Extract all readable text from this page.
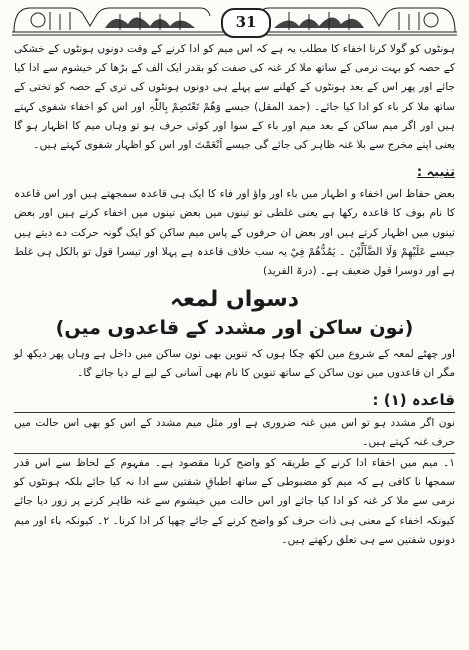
31

ہونٹوں کو گولا کرنا اخفاء کا مطلب یہ ہے کہ اس میم کو ادا کرنے کے وقت دونوں ہونٹوں کے خشکی کے حصہ کو بہت نرمی کے ساتھ ملا کر غنہ کی صفت کو بقدر ایک الف کے بڑھا کر خیشوم سے ادا کیا جائے اور پھر اس کے بعد ہونٹوں کے کھلنے سے پہلے ہی دونوں ہونٹوں کی تری کے حصہ کو تختی کے ساتھ ملا کر باء کو ادا کیا جائے۔ (جمد المقل) جیسے وَهُمْ تَعْتَصِمْ بِاللّٰہِ اور اس کو اخفاء شفوی کہتے ہیں اور اگر میم ساکن کے بعد میم اور باء کے سوا اور کوئی حرف ہو تو وہاں میم کا اظہار ہو گا یعنی اپنے مخرج سے بلا غنہ ظاہر کی جائے گی جیسے اَنْعَمْتَ اور اس کو اظہار شفوی کہتے ہیں۔

تنبیہ :

بعض حفاظ اس اخفاء و اظہار میں باء اور واؤ اور فاء کا ایک ہی قاعدہ سمجھتے ہیں اور اس قاعدہ کا نام بوف کا قاعدہ رکھا ہے یعنی غلطی تو تینوں میں بعض تینوں میں اخفاء کرتے ہیں اور بعض تینوں میں اظہار کرتے ہیں اور بعض ان حرفوں کے پاس میم ساکن کو ایک گونہ حرکت دے دیتے ہیں جیسے عَلَيْهِمْ وَلَا الضَّآلِّيْنَ ۔ يَمُدُّهُمْ فِيْ یہ سب خلاف قاعدہ ہے پہلا اور تیسرا قول تو بالکل ہی غلط ہے اور دوسرا قول ضعیف ہے۔ (درۃ الفرید)

دسواں لمعہ
(نون ساکن اور مشدد کے قاعدوں میں)

اور چھٹے لمعہ کے شروع میں لکھ چکا ہوں کہ تنوین بھی نون ساکن میں داخل ہے وہاں پھر دیکھ لو مگر ان قاعدوں میں نون ساکن کے ساتھ تنوین کا نام بھی آسانی کے لیے لے دیا جائے گا۔

قاعدہ (۱) :

نون اگر مشدد ہو تو اس میں غنہ ضروری ہے اور مثل میم مشدد کے اس کو بھی اس حالت میں حرف غنہ کہتے ہیں۔

۱۔ میم میں اخفاء ادا کرنے کے طریقہ کو واضح کرنا مقصود ہے۔ مفہوم کے لحاظ سے اس قدر سمجھا نا کافی ہے کہ میم کو مضبوطی کے ساتھ اطباقِ شفتین سے ادا نہ کیا جائے بلکہ ہونٹوں کو نرمی سے ملا کر غنہ کو ادا کیا جائے اور اس حالت میں خیشوم سے غنہ ظاہر کرنے پر زور دیا جائے کیونکہ اخفاء کے معنی ہی ذات حرف کو واضح کرنے کے جائے چھپا کر ادا کرنا۔ ۲۔ کیونکہ باء اور میم دونوں شفتین سے ہی تعلق رکھتے ہیں۔
